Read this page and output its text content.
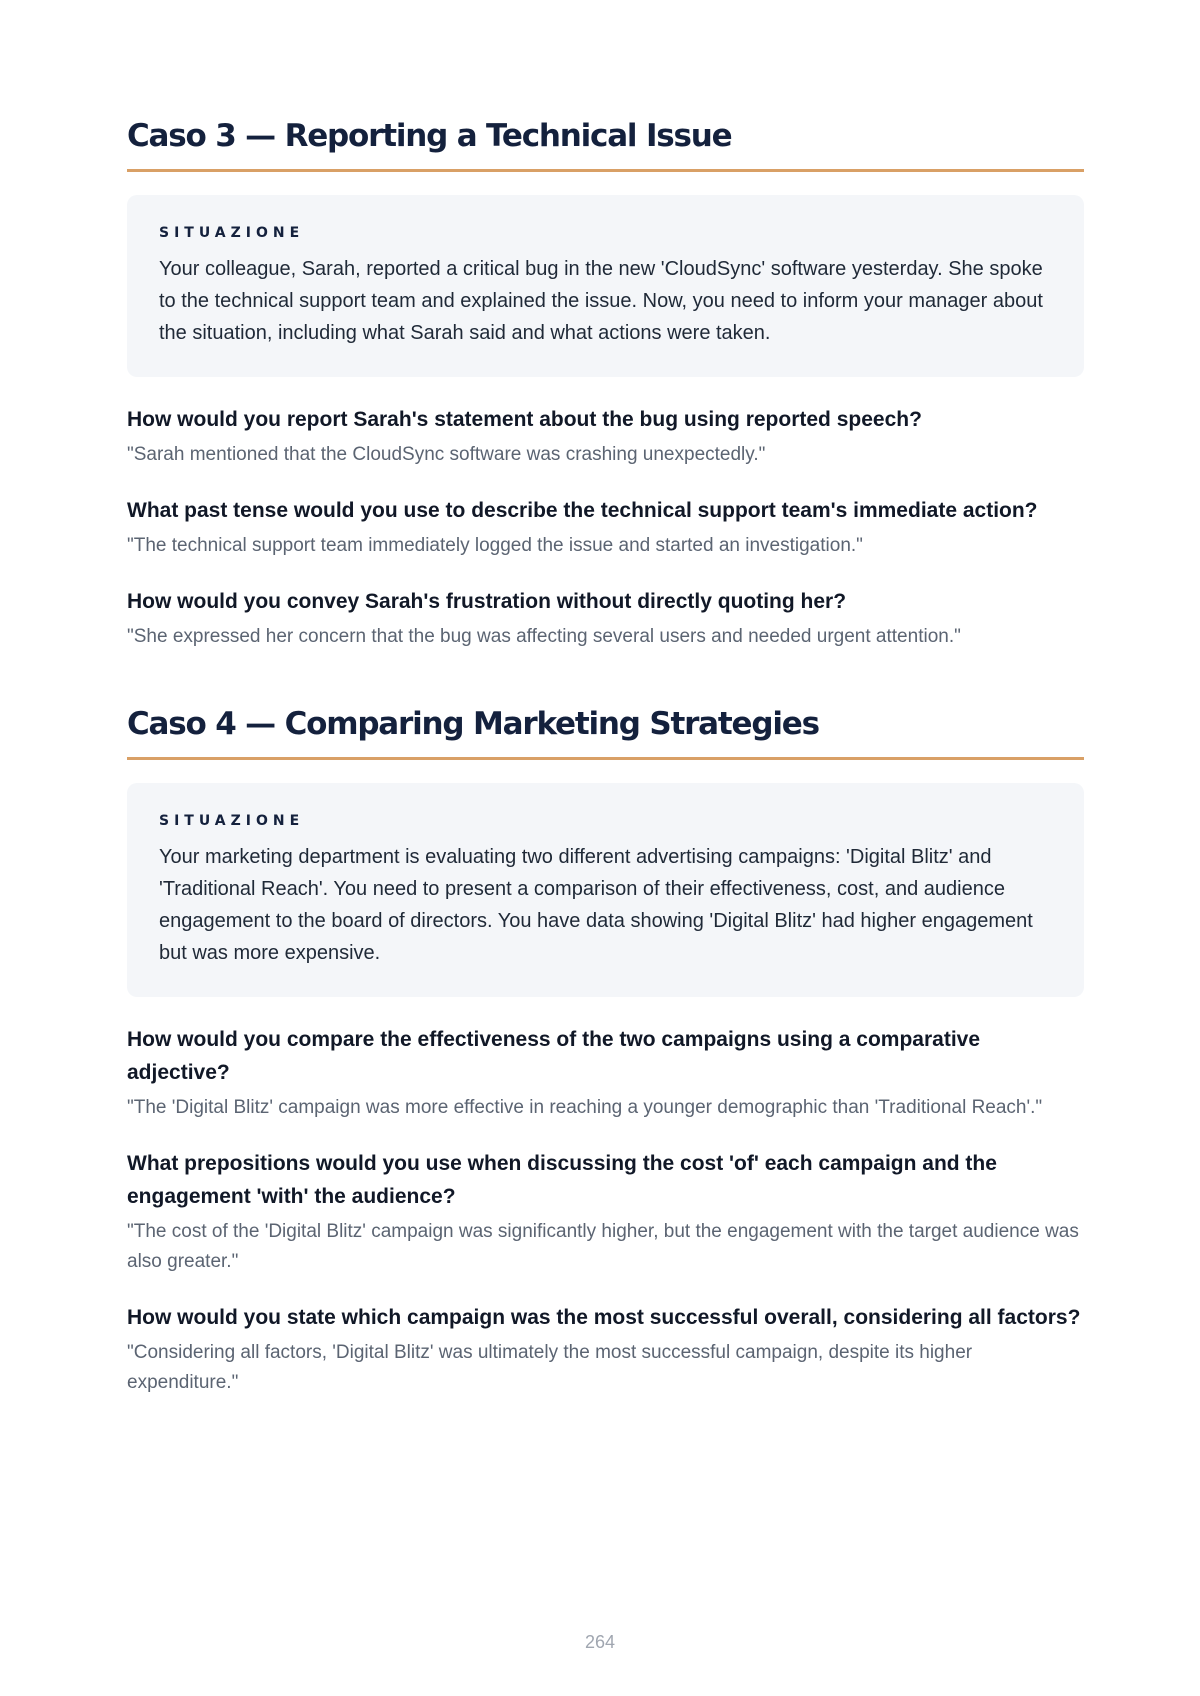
Caso 3 — Reporting a Technical Issue
SITUAZIONE
Your colleague, Sarah, reported a critical bug in the new 'CloudSync' software yesterday. She spoke to the technical support team and explained the issue. Now, you need to inform your manager about the situation, including what Sarah said and what actions were taken.
How would you report Sarah's statement about the bug using reported speech?
"Sarah mentioned that the CloudSync software was crashing unexpectedly."
What past tense would you use to describe the technical support team's immediate action?
"The technical support team immediately logged the issue and started an investigation."
How would you convey Sarah's frustration without directly quoting her?
"She expressed her concern that the bug was affecting several users and needed urgent attention."
Caso 4 — Comparing Marketing Strategies
SITUAZIONE
Your marketing department is evaluating two different advertising campaigns: 'Digital Blitz' and 'Traditional Reach'. You need to present a comparison of their effectiveness, cost, and audience engagement to the board of directors. You have data showing 'Digital Blitz' had higher engagement but was more expensive.
How would you compare the effectiveness of the two campaigns using a comparative adjective?
"The 'Digital Blitz' campaign was more effective in reaching a younger demographic than 'Traditional Reach'."
What prepositions would you use when discussing the cost 'of' each campaign and the engagement 'with' the audience?
"The cost of the 'Digital Blitz' campaign was significantly higher, but the engagement with the target audience was also greater."
How would you state which campaign was the most successful overall, considering all factors?
"Considering all factors, 'Digital Blitz' was ultimately the most successful campaign, despite its higher expenditure."
264
